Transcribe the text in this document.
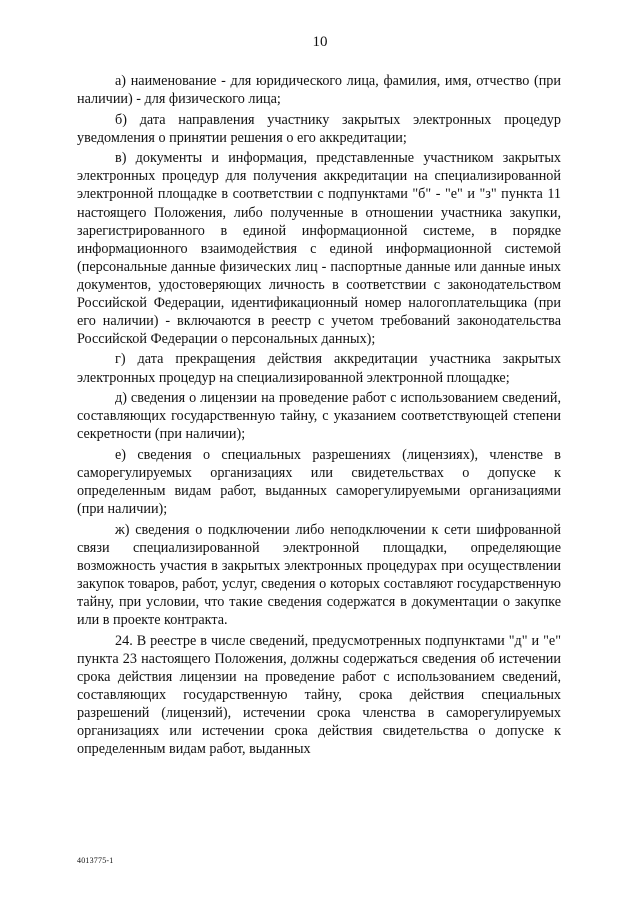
10

а) наименование - для юридического лица, фамилия, имя, отчество (при наличии) - для физического лица;

б) дата направления участнику закрытых электронных процедур уведомления о принятии решения о его аккредитации;

в) документы и информация, представленные участником закрытых электронных процедур для получения аккредитации на специализированной электронной площадке в соответствии с подпунктами "б" - "е" и "з" пункта 11 настоящего Положения, либо полученные в отношении участника закупки, зарегистрированного в единой информационной системе, в порядке информационного взаимодействия с единой информационной системой (персональные данные физических лиц - паспортные данные или данные иных документов, удостоверяющих личность в соответствии с законодательством Российской Федерации, идентификационный номер налогоплательщика (при его наличии) - включаются в реестр с учетом требований законодательства Российской Федерации о персональных данных);

г) дата прекращения действия аккредитации участника закрытых электронных процедур на специализированной электронной площадке;

д) сведения о лицензии на проведение работ с использованием сведений, составляющих государственную тайну, с указанием соответствующей степени секретности (при наличии);

е) сведения о специальных разрешениях (лицензиях), членстве в саморегулируемых организациях или свидетельствах о допуске к определенным видам работ, выданных саморегулируемыми организациями (при наличии);

ж) сведения о подключении либо неподключении к сети шифрованной связи специализированной электронной площадки, определяющие возможность участия в закрытых электронных процедурах при осуществлении закупок товаров, работ, услуг, сведения о которых составляют государственную тайну, при условии, что такие сведения содержатся в документации о закупке или в проекте контракта.

24. В реестре в числе сведений, предусмотренных подпунктами "д" и "е" пункта 23 настоящего Положения, должны содержаться сведения об истечении срока действия лицензии на проведение работ с использованием сведений, составляющих государственную тайну, срока действия специальных разрешений (лицензий), истечении срока членства в саморегулируемых организациях или истечении срока действия свидетельства о допуске к определенным видам работ, выданных

4013775-1
